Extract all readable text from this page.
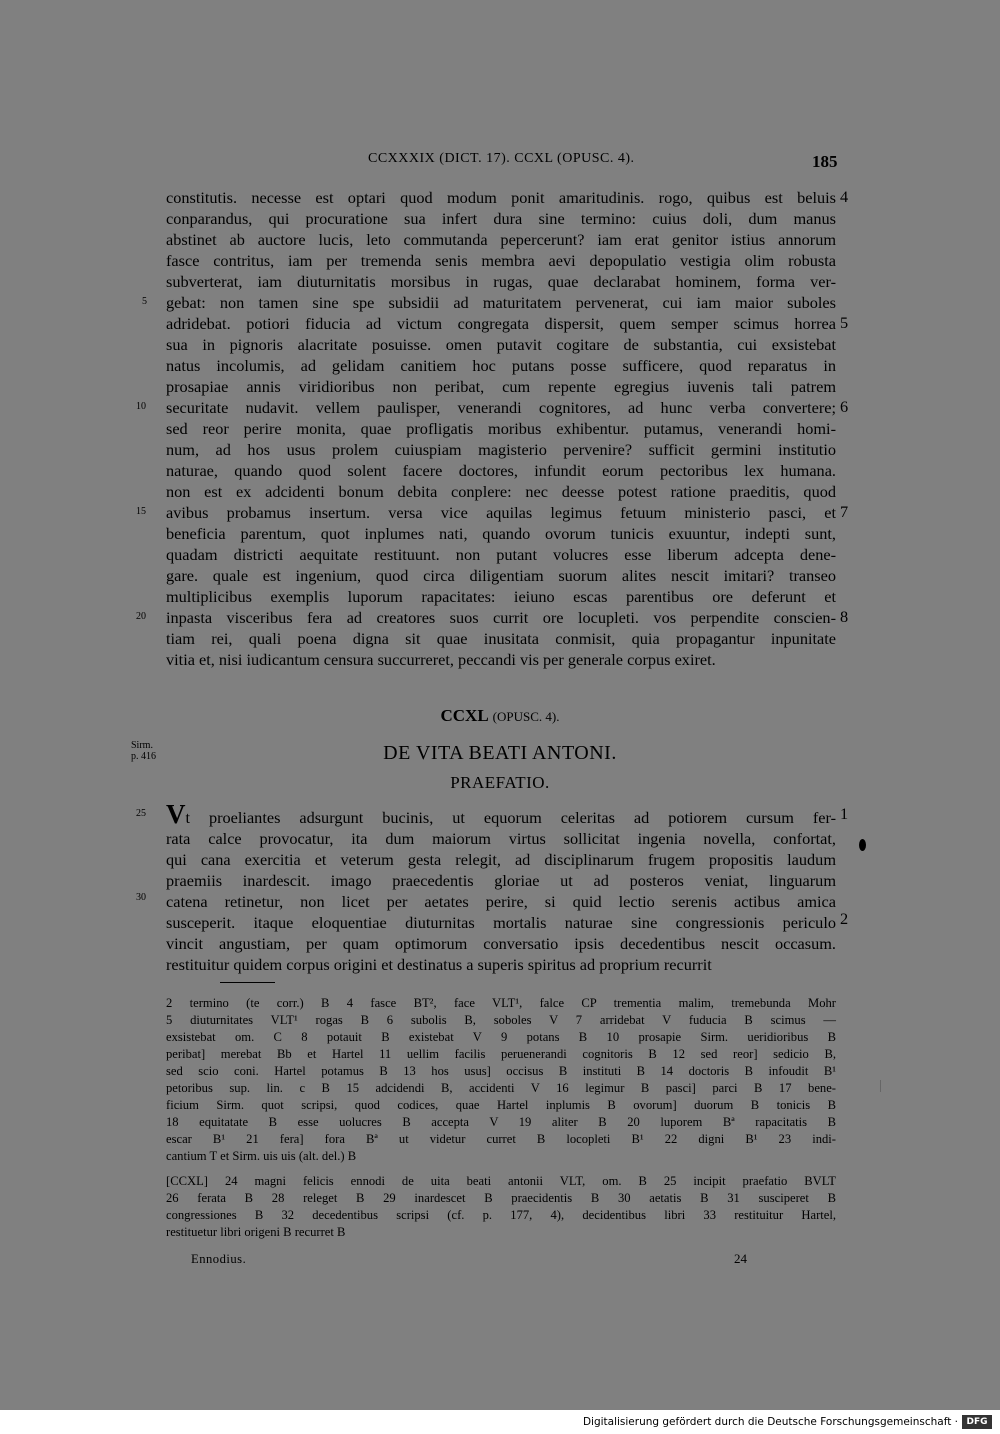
CCXXXIX (DICT. 17). CCXL (OPUSC. 4).	185
constitutis. necesse est optari quod modum ponit amaritudinis. rogo, quibus est beluis
conparandus, qui procuratione sua infert dura sine termino: cuius doli, dum manus
abstinet ab auctore lucis, leto commutanda pepercerunt? iam erat genitor istius annorum
fasce contritus, iam per tremenda senis membra aevi depopulatio vestigia olim robusta
subverterat, iam diuturnitatis morsibus in rugas, quae declarabat hominem, forma ver-
gebat: non tamen sine spe subsidii ad maturitatem pervenerat, cui iam maior suboles
adridebat. potiori fiducia ad victum congregata dispersit, quem semper scimus horrea
sua in pignoris alacritate posuisse. omen putavit cogitare de substantia, cui exsistebat
natus incolumis, ad gelidam canitiem hoc putans posse sufficere, quod reparatus in
prosapiae annis viridioribus non peribat, cum repente egregius iuvenis tali patrem
securitate nudavit. vellem paulisper, venerandi cognitores, ad hunc verba convertere;
sed reor perire monita, quae profligatis moribus exhibentur. putamus, venerandi homi-
num, ad hos usus prolem cuiuspiam magisterio pervenire? sufficit germini institutio
naturae, quando quod solent facere doctores, infundit eorum pectoribus lex humana.
non est ex adcidenti bonum debita conplere: nec deesse potest ratione praeditis, quod
avibus probamus insertum. versa vice aquilas legimus fetuum ministerio pasci, et
beneficia parentum, quot inplumes nati, quando ovorum tunicis exuuntur, indepti sunt,
quadam districti aequitate restituunt. non putant volucres esse liberum adcepta dene-
gare. quale est ingenium, quod circa diligentiam suorum alites nescit imitari? transeo
multiplicibus exemplis luporum rapacitates: ieiuno escas parentibus ore deferunt et
inpasta visceribus fera ad creatores suos currit ore locupleti. vos perpendite conscien-
tiam rei, quali poena digna sit quae inusitata conmisit, quia propagantur inpunitate
vitia et, nisi iudicantum censura succurreret, peccandi vis per generale corpus exiret.
CCXL (OPUSC. 4).
Sirm.
p. 416	DE VITA BEATI ANTONI.
PRAEFATIO.
Vt proeliantes adsurgunt bucinis, ut equorum celeritas ad potiorem cursum fer-
rata calce provocatur, ita dum maiorum virtus sollicitat ingenia novella, confortat,
qui cana exercitia et veterum gesta relegit, ad disciplinarum frugem propositis laudum
praemiis inardescit. imago praecedentis gloriae ut ad posteros veniat, linguarum
catena retinetur, non licet per aetates perire, si quid lectio serenis actibus amica
susceperit. itaque eloquentiae diuturnitas mortalis naturae sine congressionis periculo
vincit angustiam, per quam optimorum conversatio ipsis decedentibus nescit occasum.
restituitur quidem corpus origini et destinatus a superis spiritus ad proprium recurrit
2 termino (te corr.) B 4 fasce BT², face VLT¹, falce CP trementia malim, tremebunda Mohr
5 diuturnitates VLT¹ rogas B 6 subolis B, soboles V 7 arridebat V fuducia B scimus —
exsistebat om. C 8 potauit B existebat V 9 potans B 10 prosapie Sirm. ueridioribus B
peribat] merebat Bb et Hartel 11 uellim facilis peruenerandi cognitoris B 12 sed reor] sedicio B,
sed scio coni. Hartel potamus B 13 hos usus] occisus B instituti B 14 doctoris B infoudit B¹
petoribus sup. lin. c B 15 adcidendi B, accidenti V 16 legimur B pasci] parci B 17 bene-
ficium Sirm. quot scripsi, quod codices, quae Hartel inplumis B ovorum] duorum B tonicis B
18 equitatate B esse uolucres B accepta V 19 aliter B 20 luporem Bª rapacitatis B
escar B¹ 21 fera] fora Bª ut videtur curret B locopleti B¹ 22 digni B¹ 23 indi-
cantium T et Sirm. uis uis (alt. del.) B
[CCXL] 24 magni felicis ennodi de uita beati antonii VLT, om. B 25 incipit praefatio BVLT
26 ferata B 28 releget B 29 inardescet B praecidentis B 30 aetatis B 31 susciperet B
congressiones B 32 decedentibus scripsi (cf. p. 177, 4), decidentibus libri 33 restituitur Hartel,
restituetur libri origeni B recurret B
Ennodius.	24
Digitalisierung gefördert durch die Deutsche Forschungsgemeinschaft · DFG
5
10
15
20
4
5
6
7
8
25
30
1
2
